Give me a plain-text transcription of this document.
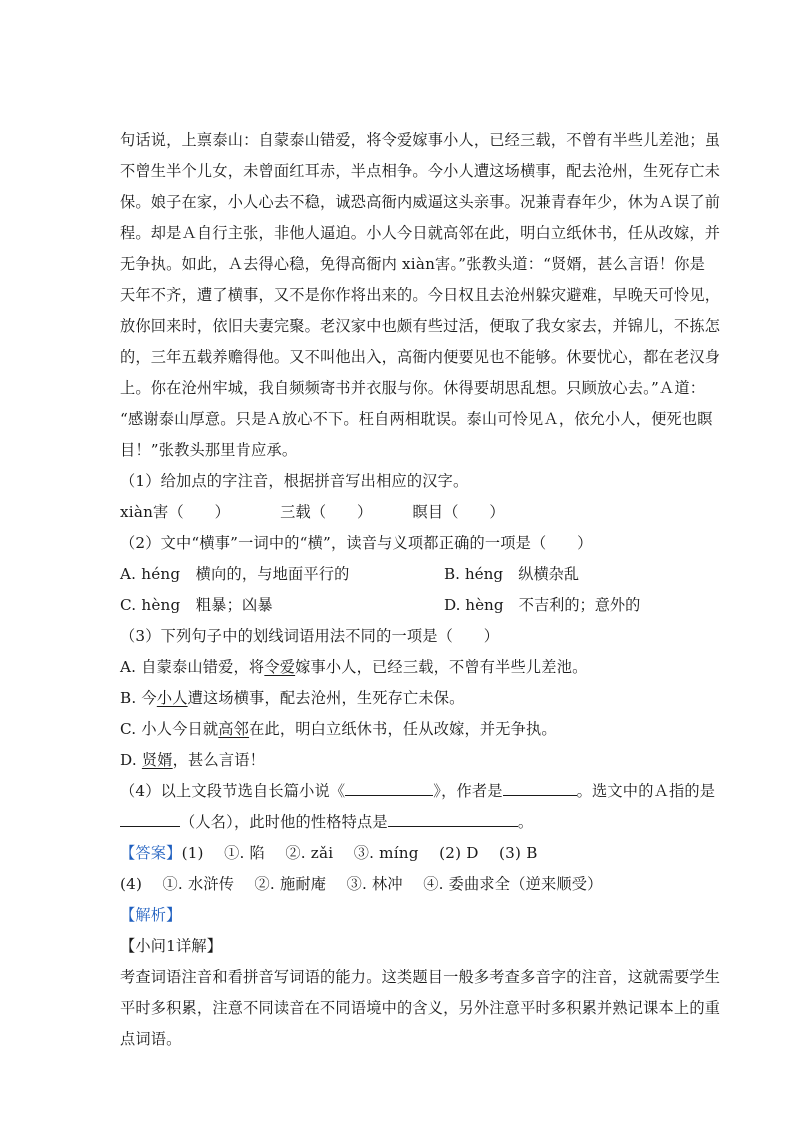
句话说，上禀泰山：自蒙泰山错爱，将令爱嫁事小人，已经三载，不曾有半些儿差池；虽
不曾生半个儿女，未曾面红耳赤，半点相争。今小人遭这场横事，配去沧州，生死存亡未
保。娘子在家，小人心去不稳，诚恐高衙内威逼这头亲事。况兼青春年少，休为Ａ误了前
程。却是Ａ自行主张，非他人逼迫。小人今日就高邻在此，明白立纸休书，任从改嫁，并
无争执。如此，Ａ去得心稳，免得高衙内 xiàn害。”张教头道：“贤婿，甚么言语！你是
天年不齐，遭了横事，又不是你作将出来的。今日权且去沧州躲灾避难，早晚天可怜见，
放你回来时，依旧夫妻完聚。老汉家中也颇有些过活，便取了我女家去，并锦儿，不拣怎
的，三年五载养赡得他。又不叫他出入，高衙内便要见也不能够。休要忧心，都在老汉身
上。你在沧州牢城，我自频频寄书并衣服与你。休得要胡思乱想。只顾放心去。”Ａ道：
“感谢泰山厚意。只是Ａ放心不下。枉自两相耽误。泰山可怜见Ａ，依允小人，便死也瞑
目！”张教头那里肯应承。
（1）给加点的字注音，根据拼音写出相应的汉字。
xiàn害（　　）	三载（　　）	瞑目（　　）
（2）文中“横事”一词中的“横”，读音与义项都正确的一项是（　　）
A. héng　横向的，与地面平行的	B. héng　纵横杂乱
C. hèng　粗暴；凶暴	D. hèng　不吉利的；意外的
（3）下列句子中的划线词语用法不同的一项是（　　）
A. 自蒙泰山错爱，将令爱嫁事小人，已经三载，不曾有半些儿差池。
B. 今小人遭这场横事，配去沧州，生死存亡未保。
C. 小人今日就高邻在此，明白立纸休书，任从改嫁，并无争执。
D. 贤婿，甚么言语！
（4）以上文段节选自长篇小说《	》，作者是	。选文中的Ａ指的是
（人名），此时他的性格特点是	。
【答案】(1)　 ①. 陷　 ②. zǎi　 ③. míng　 (2) D　 (3) B
(4)　 ①. 水浒传　 ②. 施耐庵　 ③. 林冲　 ④. 委曲求全（逆来顺受）
【解析】
【小问1详解】
考查词语注音和看拼音写词语的能力。这类题目一般多考查多音字的注音，这就需要学生
平时多积累，注意不同读音在不同语境中的含义，另外注意平时多积累并熟记课本上的重
点词语。
